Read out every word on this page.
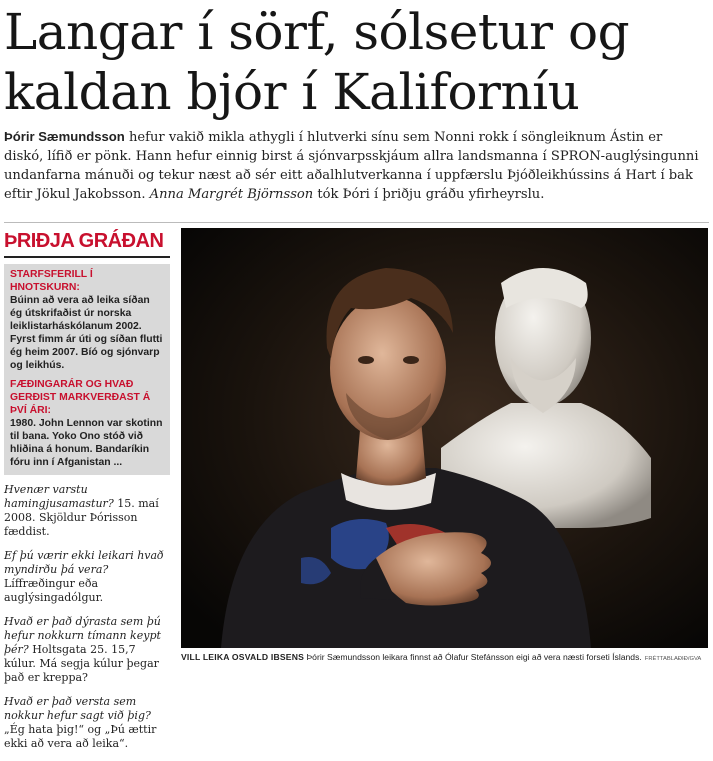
Langar í sörf, sólsetur og
kaldan bjór í Kaliforníu

Þórir Sæmundsson hefur vakið mikla athygli í hlutverki sínu sem Nonni rokk í söngleiknum Ástin er diskó, lífið er pönk. Hann hefur einnig birst á sjónvarpsskjáum allra landsmanna í SPRON-auglýsingunni undanfarna mánuði og tekur næst að sér eitt aðalhlutverkanna í uppfærslu Þjóðleikhússins á Hart í bak eftir Jökul Jakobsson. Anna Margrét Björnsson tók Þóri í þriðju gráðu yfirheyrslu.

ÞRIÐJA GRÁÐAN
STARFSFERILL Í HNOTSKURN:

Búinn að vera að leika síðan ég útskrifaðist úr norska leiklistarháskólanum 2002. Fyrst fimm ár úti og síðan flutti ég heim 2007. Bíó og sjónvarp og leikhús.

FÆÐINGARÁR OG HVAÐ GERÐIST MARKVERÐAST Á ÞVÍ ÁRI:

1980. John Lennon var skotinn til bana. Yoko Ono stóð við hliðina á honum. Bandaríkin fóru inn í Afganistan ...

Hvenær varstu hamingjusamastur? 15. maí 2008. Skjöldur Þórisson fæddist.

Ef þú værir ekki leikari hvað myndirðu þá vera? Líffræðingur eða auglýsingadólgur.

Hvað er það dýrasta sem þú hefur nokkurn tímann keypt þér? Holtsgata 25. 15,7 kúlur. Má segja kúlur þegar það er kreppa?

Hvað er það versta sem nokkur hefur sagt við þig? „Ég hata þig!“ og „Þú ættir ekki að vera að leika“.

VILL LEIKA OSVALD IBSENS Þórir Sæmundsson leikara finnst að Ólafur Stefánsson eigi að vera næsti forseti Íslands. FRÉTTABLAÐIÐ/GVA
